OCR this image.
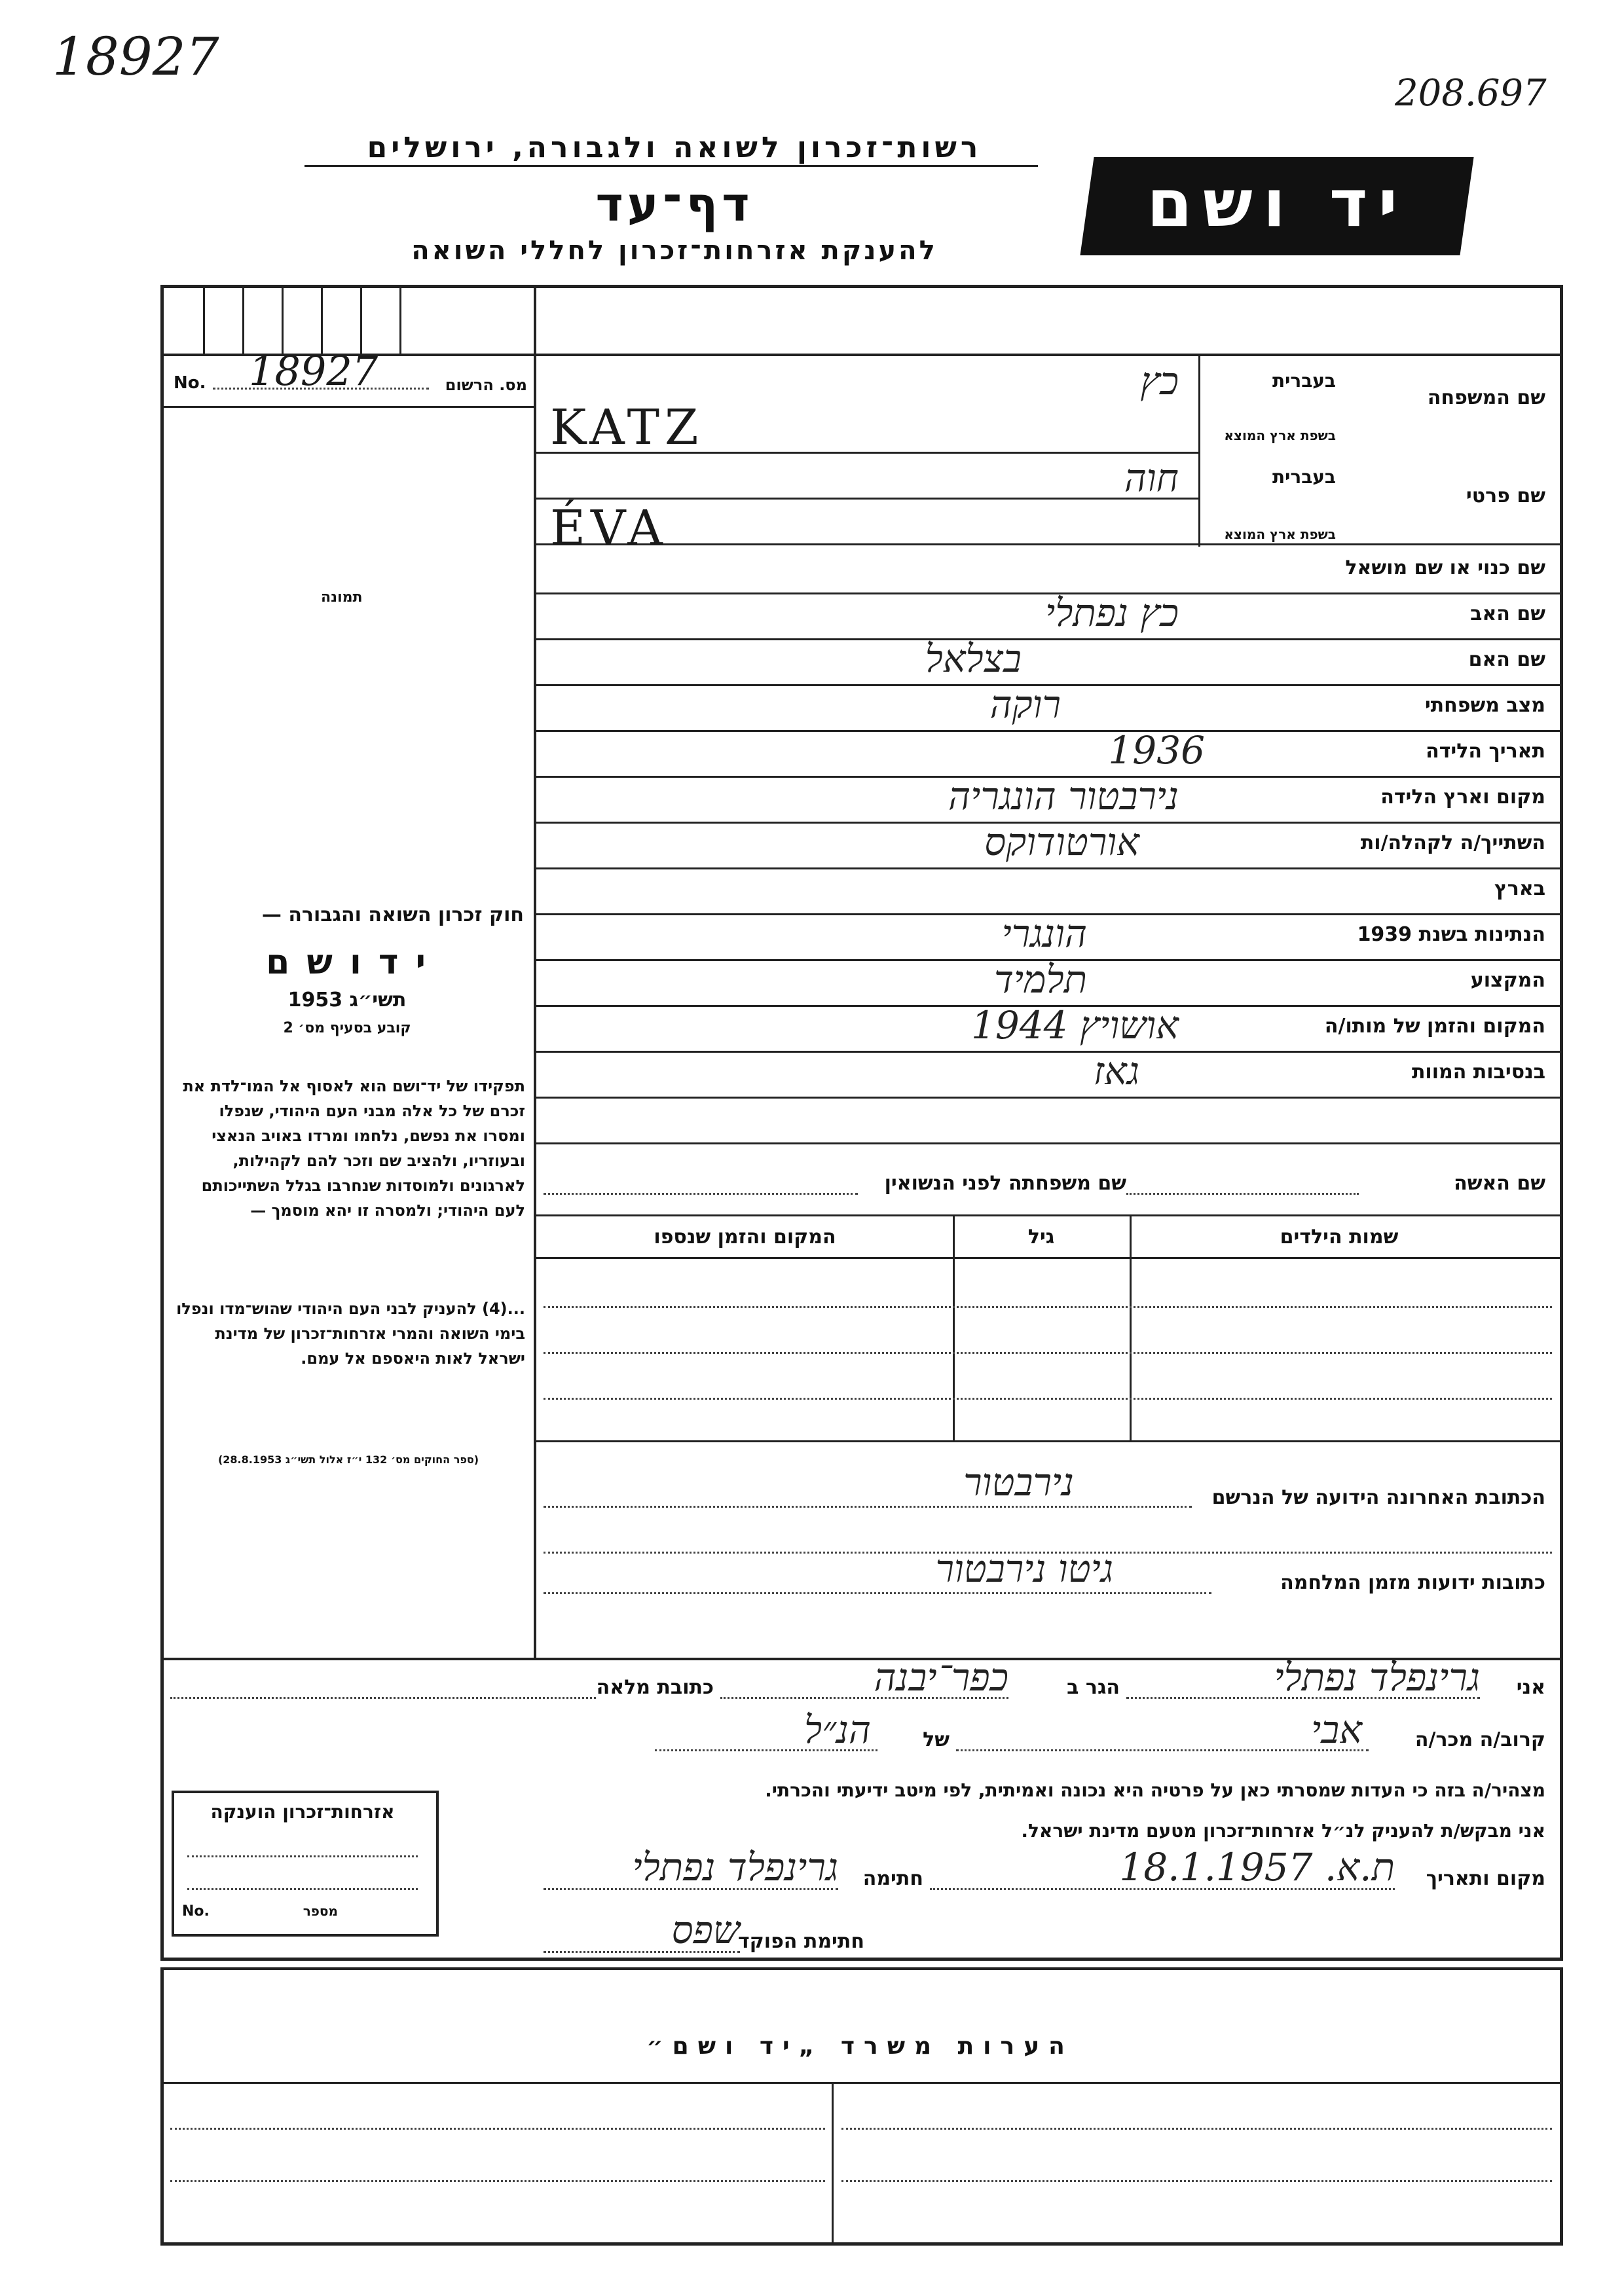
18927
208.697
רשות־זכרון לשואה ולגבורה, ירושלים
דף־עד
להענקת אזרחות־זכרון לחללי השואה
יד ושם
No. 18927	מס. הרשום
תמונה
חוק זכרון השואה והגבורה —
י ד ו ש ם
תשי״ג 1953
קובע בסעיף מס׳ 2
תפקידו של יד־ושם הוא לאסוף אל המו־לדת את זכרם של כל אלה מבני העם היהודי, שנפלו ומסרו את נפשם, נלחמו ומרדו באויב הנאצי ובעוזריו, ולהציב שם וזכר להם לקהילות, לארגונים ולמוסדות שנחרבו בגלל השתייכותם לעם היהודי; ולמסרה זו יהא מוסמך —
...(4) להעניק לבני העם היהודי שהוש־מדו ונפלו בימי השואה והמרי אזרחות־זכרון של מדינת ישראל לאות היאספם אל עמם.
(ספר החוקים מס׳ 132 י״ז אלול תשי״ג 28.8.1953)
שם המשפחה
בעברית
בשפת ארץ המוצא
כץ
KATZ
שם פרטי
בעברית
בשפת ארץ המוצא
חוה
ÉVA
שם כנוי או שם מושאל
שם האב
כץ נפתלי
שם האם
בצלאל
מצב משפחתי
רוקה
תאריך הלידה
1936
מקום וארץ הלידה
נירבטור הונגריה
השתייך/ה לקהלה/ות
אורטודוקס
בארץ
הנתינות בשנת 1939
הונגרי
המקצוע
תלמיד
המקום והזמן של מותו/ה
אושויץ 1944
בנסיבות המוות
גאז
שם האשה
שם משפחתה לפני הנשואין
שמות הילדים
גיל
המקום והזמן שנספו
הכתובת האחרונה הידועה של הנרשם
נירבטור
כתובות ידועות מזמן המלחמה
גיטו נירבטור
אני
גרינפלד נפתלי
הגר ב
כפר־יבנה
כתובת מלאה
קרוב/ה מכר/ה
אבי
של
הנ״ל
מצהיר/ה בזה כי העדות שמסרתי כאן על פרטיה היא נכונה ואמיתית, לפי מיטב ידיעתי והכרתי.
אני מבקש/ת להעניק לנ״ל אזרחות־זכרון מטעם מדינת ישראל.
מקום ותאריך
ת.א. 18.1.1957
חתימה
גרינפלד נפתלי
חתימת הפוקד
שפס
אזרחות־זכרון הוענקה
No.	מספר
הערות משרד „יד ושם״
